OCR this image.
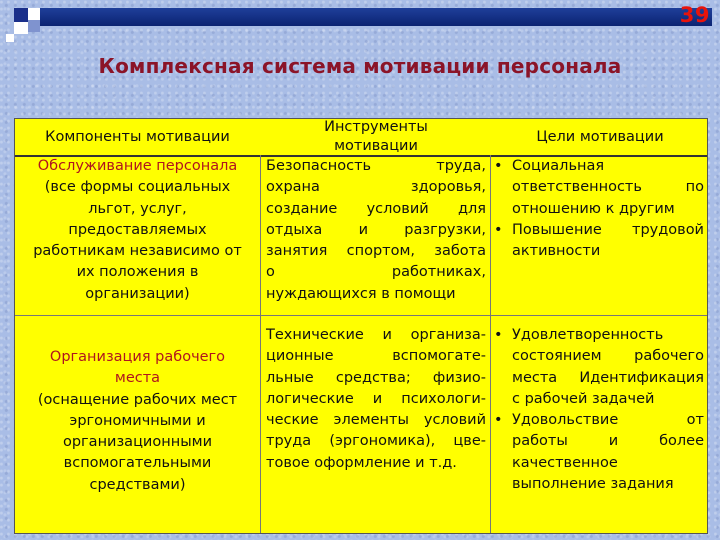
39
Комплексная система мотивации персонала
Компоненты мотивации
Инструменты
мотивации
Цели мотивации
Обслуживание персонала
(все формы социальных
льгот, услуг,
предоставляемых
работникам независимо от
их положения в
организации)
Безопасность труда,
охрана здоровья,
создание условий для
отдыха и разгрузки,
занятия спортом, забота
о работниках,
нуждающихся в помощи
• Социальная
ответственность по
отношению к другим
• Повышение трудовой
активности
Организация рабочего
места
(оснащение рабочих мест
эргономичными и
организационными
вспомогательными
средствами)
Технические и организа-
ционные вспомогате-
льные средства; физио-
логические и психологи-
ческие элементы условий
труда (эргономика), цве-
товое оформление и т.д.
• Удовлетворенность
состоянием рабочего
места Идентификация
с рабочей задачей
• Удовольствие от
работы и более
качественное
выполнение задания
